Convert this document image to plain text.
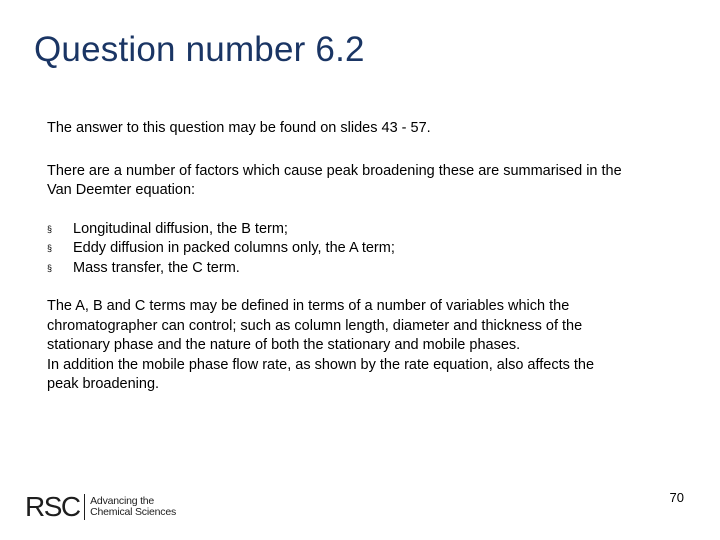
Question number 6.2

The answer to this question may be found on slides 43 - 57.

There are a number of factors which cause peak broadening these are summarised in the
Van Deemter equation:

§ Longitudinal diffusion, the B term;
§ Eddy diffusion in packed columns only, the A term;
§ Mass transfer, the C term.

The A, B and C terms may be defined in terms of a number of variables which the
chromatographer can control; such as column length, diameter and thickness of the
stationary phase and the nature of both the stationary and mobile phases.
In addition the mobile phase flow rate, as shown by the rate equation, also affects the
peak broadening.

RSC Advancing the
Chemical Sciences
70
